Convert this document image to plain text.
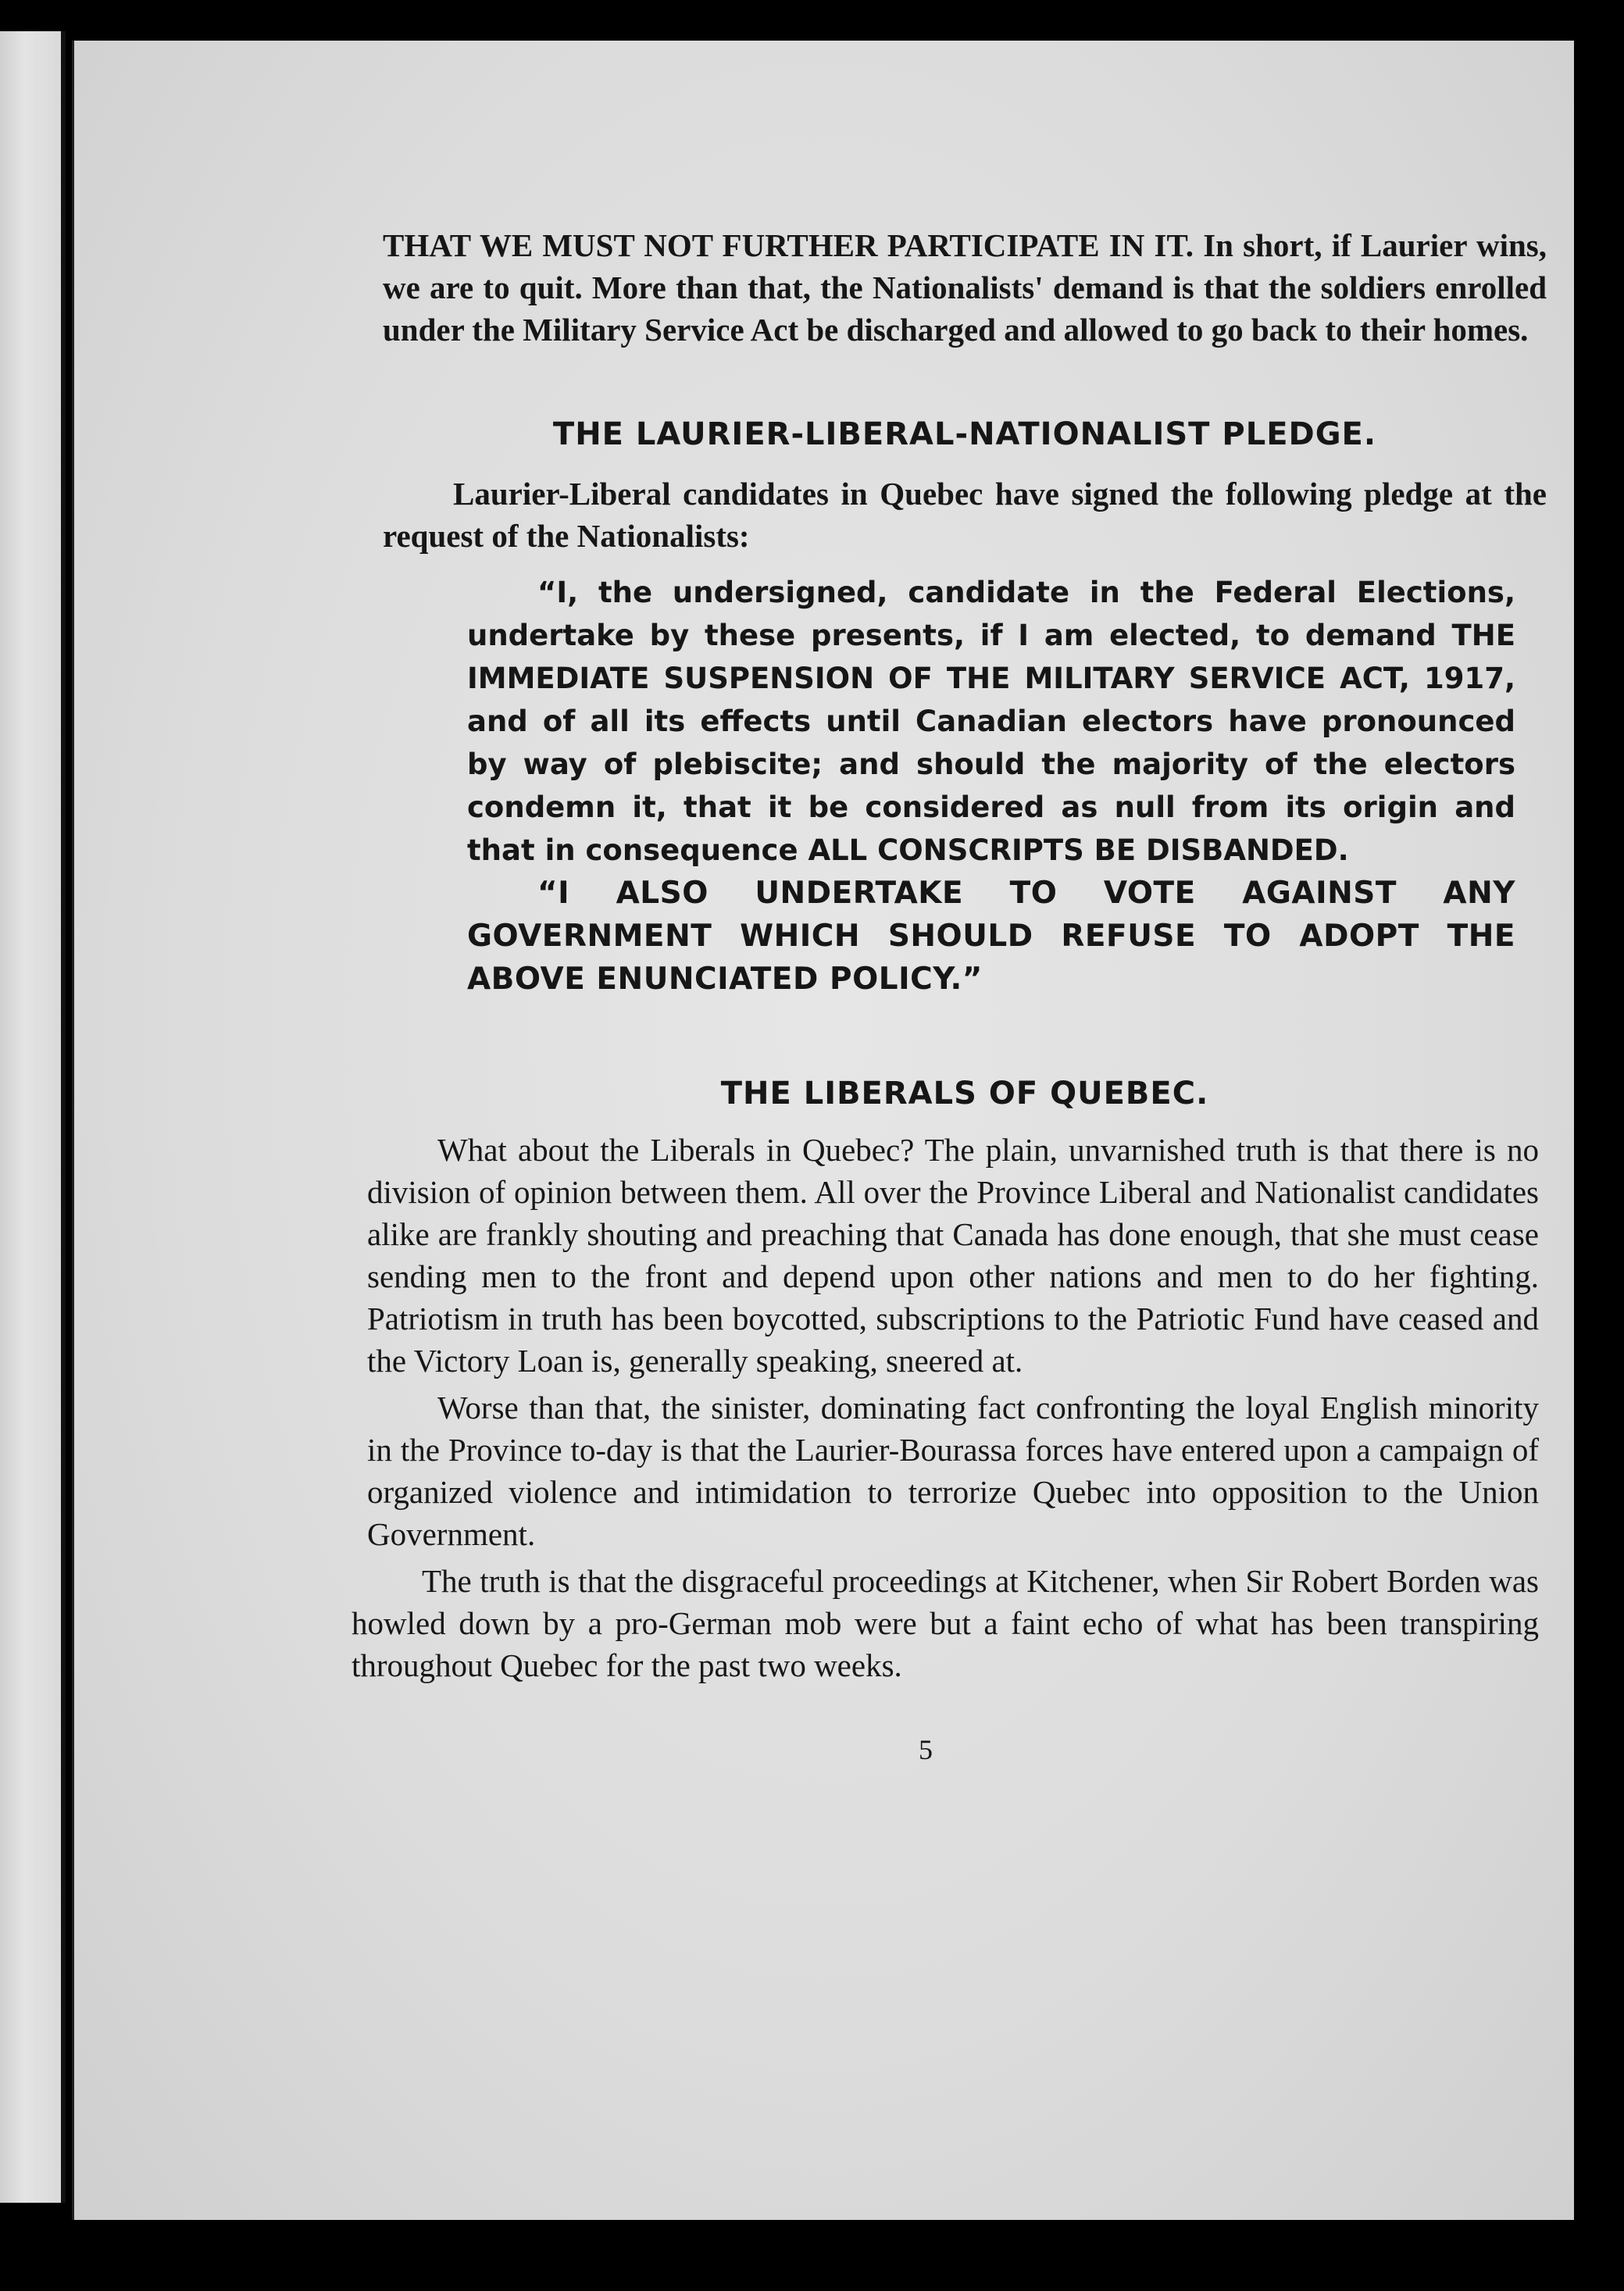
THAT WE MUST NOT FURTHER PARTICIPATE IN IT. In short, if Laurier wins, we are to quit. More than that, the Nationalists' demand is that the soldiers enrolled under the Military Service Act be discharged and allowed to go back to their homes.

THE LAURIER-LIBERAL-NATIONALIST PLEDGE.

Laurier-Liberal candidates in Quebec have signed the following pledge at the request of the Nationalists:

“I, the undersigned, candidate in the Federal Elections, undertake by these presents, if I am elected, to demand THE IMMEDIATE SUSPENSION OF THE MILITARY SERVICE ACT, 1917, and of all its effects until Canadian electors have pronounced by way of plebiscite; and should the majority of the electors condemn it, that it be considered as null from its origin and that in consequence ALL CONSCRIPTS BE DISBANDED.

“I ALSO UNDERTAKE TO VOTE AGAINST ANY GOVERNMENT WHICH SHOULD REFUSE TO ADOPT THE ABOVE ENUNCIATED POLICY.”

THE LIBERALS OF QUEBEC.

What about the Liberals in Quebec? The plain, unvarnished truth is that there is no division of opinion between them. All over the Province Liberal and Nationalist candidates alike are frankly shouting and preaching that Canada has done enough, that she must cease sending men to the front and depend upon other nations and men to do her fighting. Patriotism in truth has been boycotted, subscriptions to the Patriotic Fund have ceased and the Victory Loan is, generally speaking, sneered at.

Worse than that, the sinister, dominating fact confronting the loyal English minority in the Province to-day is that the Laurier-Bourassa forces have entered upon a campaign of organized violence and intimidation to terrorize Quebec into opposition to the Union Government.

The truth is that the disgraceful proceedings at Kitchener, when Sir Robert Borden was howled down by a pro-German mob were but a faint echo of what has been transpiring throughout Quebec for the past two weeks.

5
